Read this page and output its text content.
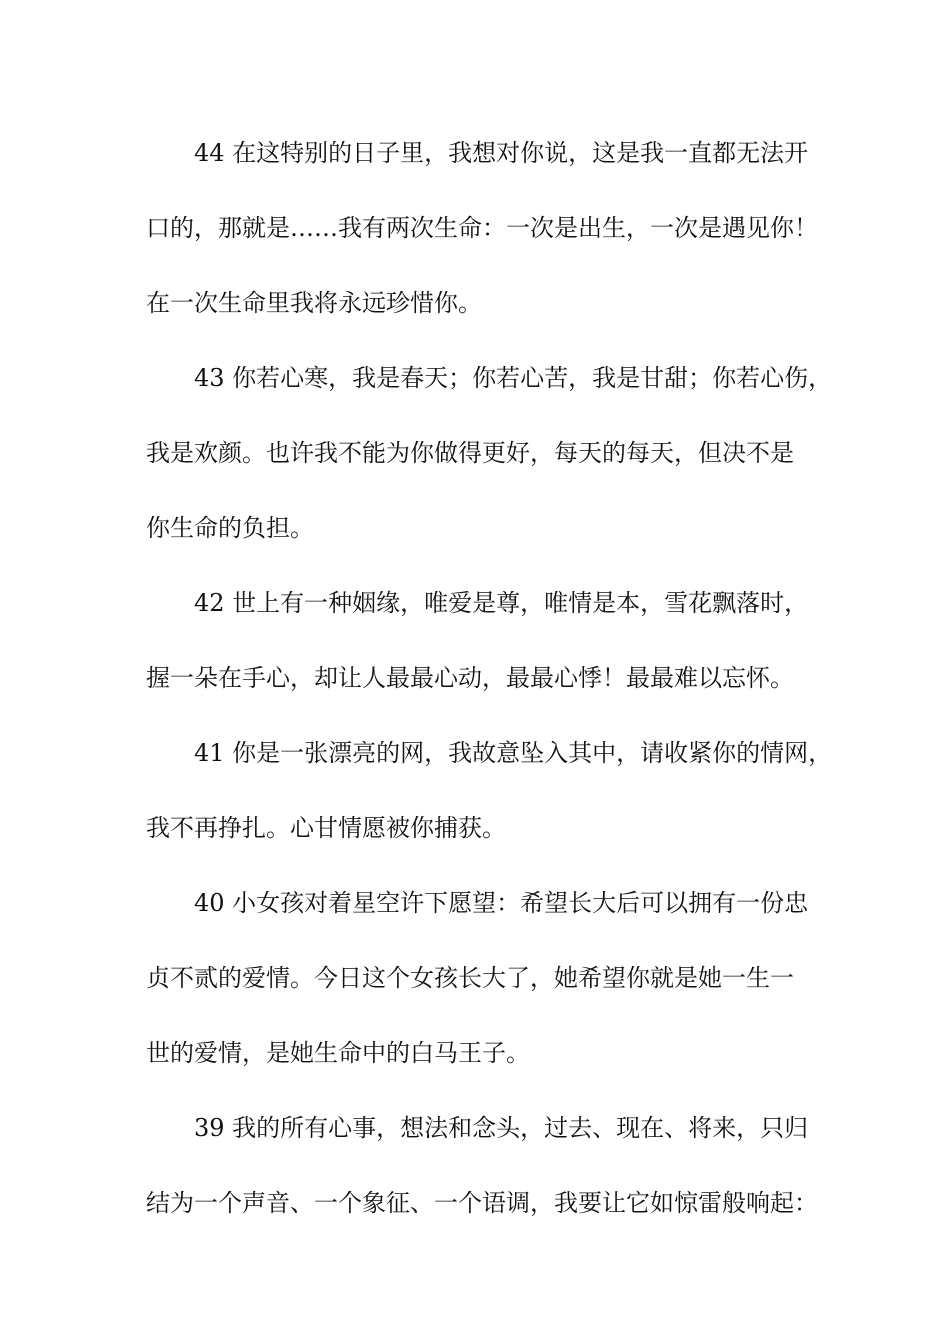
44 在这特别的日子里，我想对你说，这是我一直都无法开
口的，那就是……我有两次生命：一次是出生，一次是遇见你！
在一次生命里我将永远珍惜你。
43 你若心寒，我是春天；你若心苦，我是甘甜；你若心伤，
我是欢颜。也许我不能为你做得更好，每天的每天，但决不是
你生命的负担。
42 世上有一种姻缘，唯爱是尊，唯情是本，雪花飘落时，
握一朵在手心，却让人最最心动，最最心悸！最最难以忘怀。
41 你是一张漂亮的网，我故意坠入其中，请收紧你的情网，
我不再挣扎。心甘情愿被你捕获。
40 小女孩对着星空许下愿望：希望长大后可以拥有一份忠
贞不贰的爱情。今日这个女孩长大了，她希望你就是她一生一
世的爱情，是她生命中的白马王子。
39 我的所有心事，想法和念头，过去、现在、将来，只归
结为一个声音、一个象征、一个语调，我要让它如惊雷般响起：
